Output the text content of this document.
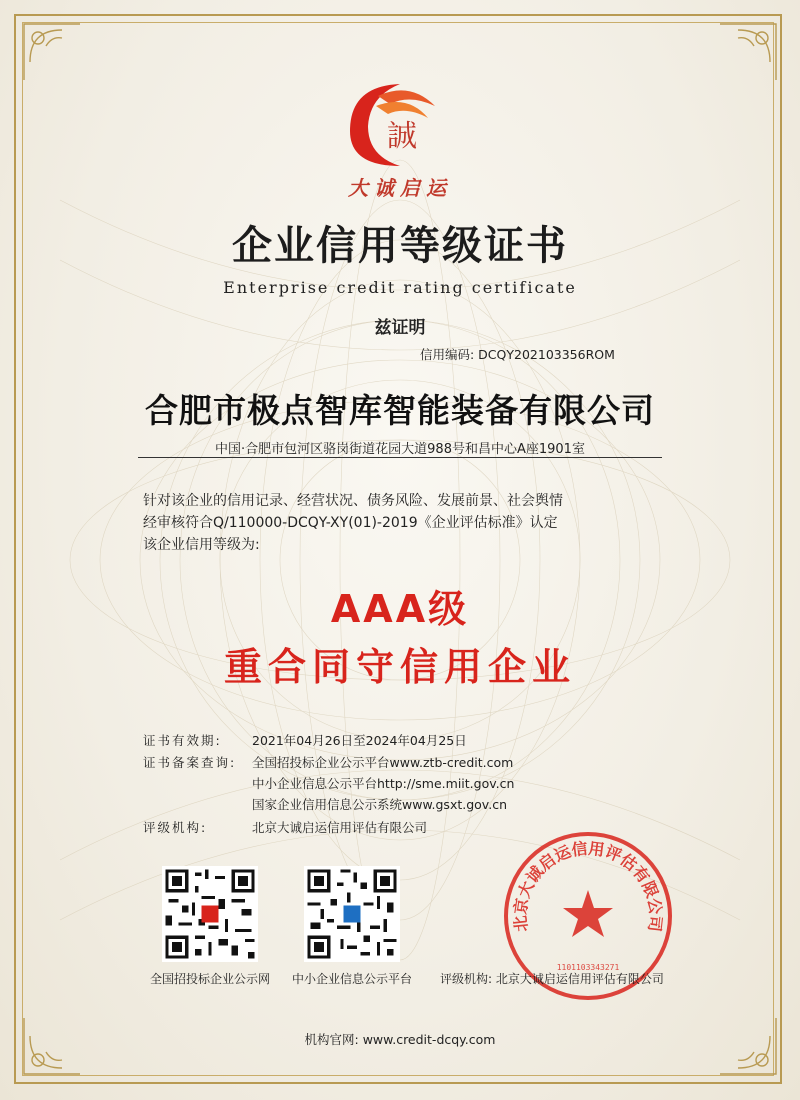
誠
大诚启运
企业信用等级证书
Enterprise credit rating certificate
兹证明
信用编码: DCQY202103356ROM
合肥市极点智库智能装备有限公司
中国·合肥市包河区骆岗街道花园大道988号和昌中心A座1901室
针对该企业的信用记录、经营状况、债务风险、发展前景、社会舆情
经审核符合Q/110000-DCQY-XY(01)-2019《企业评估标准》认定
该企业信用等级为:
AAA级
重合同守信用企业
证书有效期: 2021年04月26日至2024年04月25日
证书备案查询: 全国招投标企业公示平台www.ztb-credit.com
中小企业信息公示平台http://sme.miit.gov.cn
国家企业信用信息公示系统www.gsxt.gov.cn
评级机构:	北京大诚启运信用评估有限公司
全国招投标企业公示网	中小企业信息公示平台
北京大诚启运信用评估有限公司
1101103343271
评级机构: 北京大诚启运信用评估有限公司
机构官网: www.credit-dcqy.com
